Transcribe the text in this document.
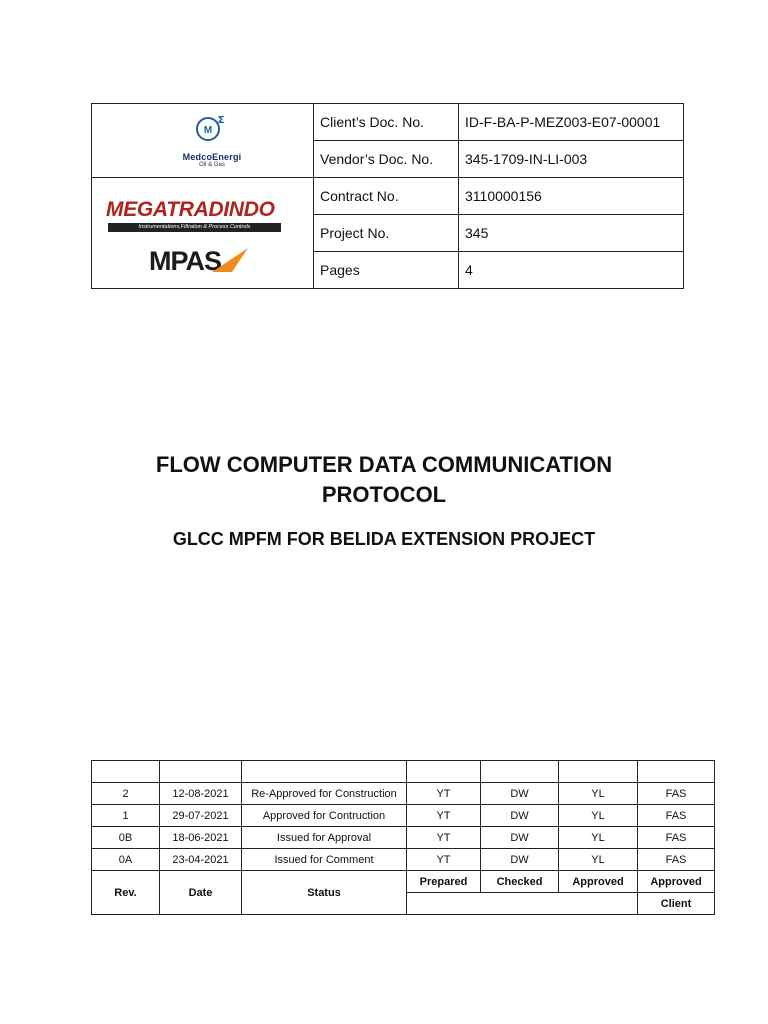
M
Σ
MedcoEnergi
Oil & Gas	Client’s Doc. No.	ID-F-BA-P-MEZ003-E07-00001
	Vendor’s Doc. No.	345-1709-IN-LI-003

MEGATRADINDO
Instrumentations,Filtration & Process Controls
MPAS	Contract No.	3110000156
	Project No.	345
	Pages	4
FLOW COMPUTER DATA COMMUNICATION
PROTOCOL
GLCC MPFM FOR BELIDA EXTENSION PROJECT

2	12-08-2021	Re-Approved for Construction	YT	DW	YL	FAS
1	29-07-2021	Approved for Contruction	YT	DW	YL	FAS
0B	18-06-2021	Issued for Approval	YT	DW	YL	FAS
0A	23-04-2021	Issued for Comment	YT	DW	YL	FAS
Rev.	Date	Status	Prepared	Checked	Approved	Approved
						Client
